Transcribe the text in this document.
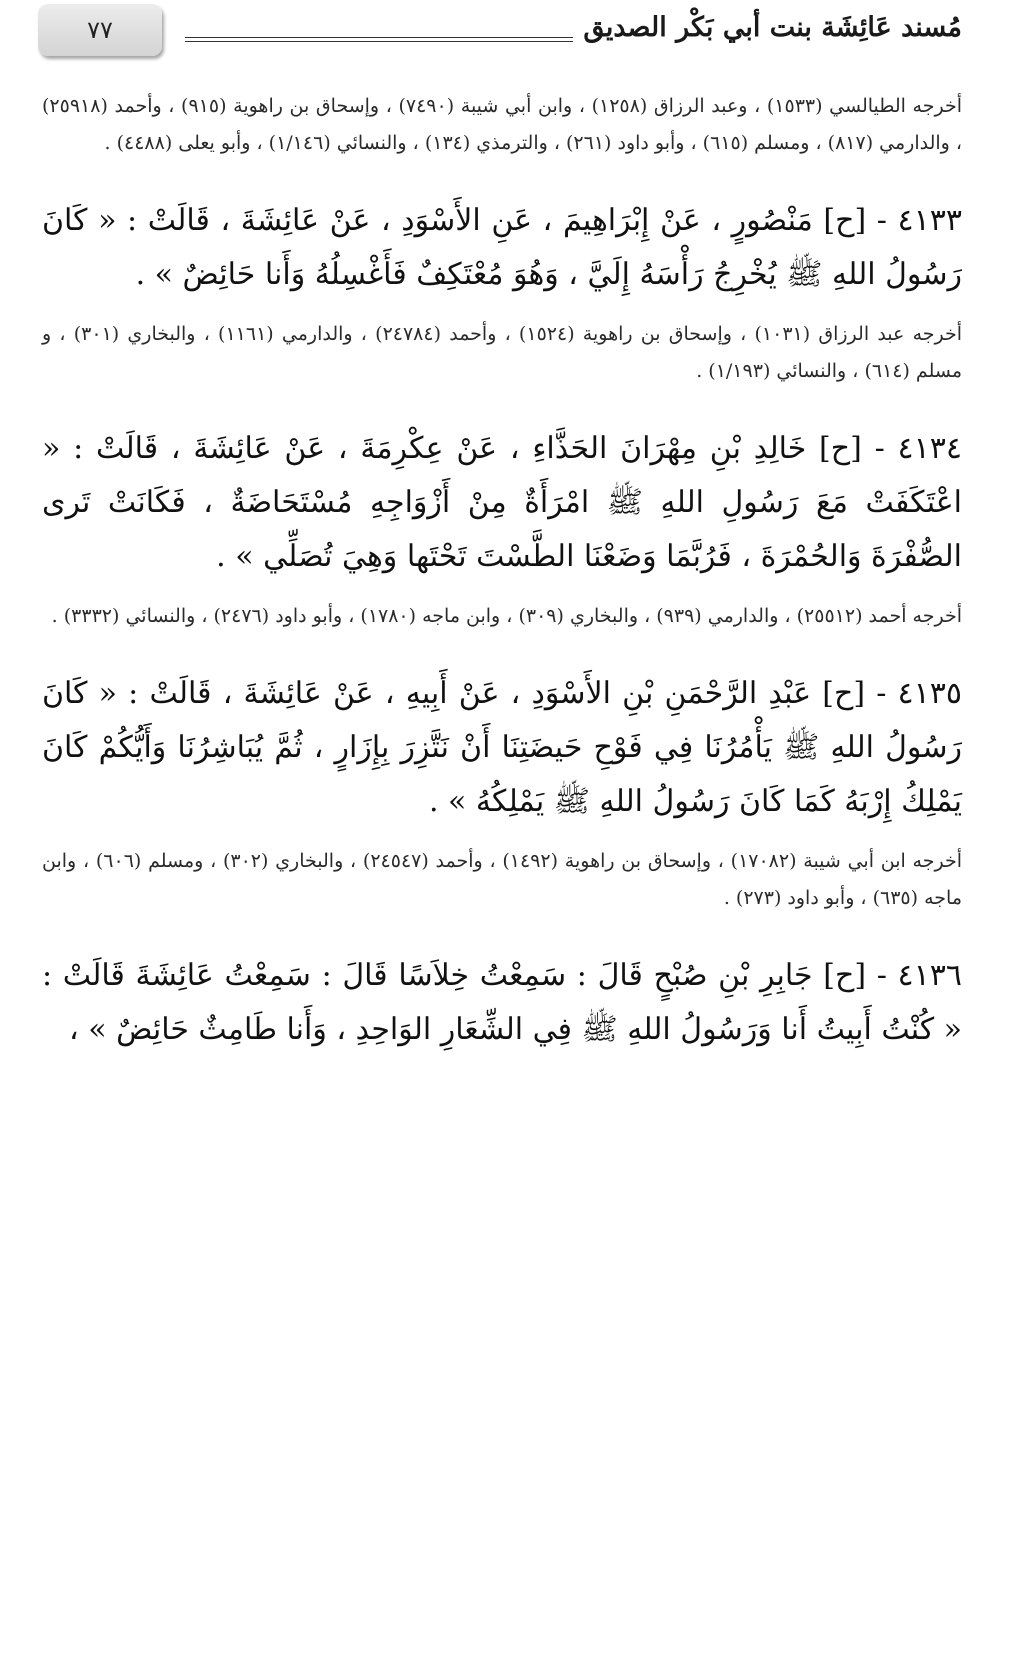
٧٧	مُسند عَائِشَة بنت أبي بَكْر الصديق

أخرجه الطيالسي (١٥٣٣) ، وعبد الرزاق (١٢٥٨) ، وابن أبي شيبة (٧٤٩٠) ، وإسحاق بن راهوية (٩١٥) ، وأحمد (٢٥٩١٨) ، والدارمي (٨١٧) ، ومسلم (٦١٥) ، وأبو داود (٢٦١) ، والترمذي (١٣٤) ، والنسائي (١/١٤٦) ، وأبو يعلى (٤٤٨٨) .

٤١٣٣ - [ح] مَنْصُورٍ ، عَنْ إِبْرَاهِيمَ ، عَنِ الأَسْوَدِ ، عَنْ عَائِشَةَ ، قَالَتْ : « كَانَ رَسُولُ اللهِ ﷺ يُخْرِجُ رَأْسَهُ إِلَيَّ ، وَهُوَ مُعْتَكِفٌ فَأَغْسِلُهُ وَأَنا حَائِضٌ » .

أخرجه عبد الرزاق (١٠٣١) ، وإسحاق بن راهوية (١٥٢٤) ، وأحمد (٢٤٧٨٤) ، والدارمي (١١٦١) ، والبخاري (٣٠١) ، و مسلم (٦١٤) ، والنسائي (١/١٩٣) .

٤١٣٤ - [ح] خَالِدِ بْنِ مِهْرَانَ الحَذَّاءِ ، عَنْ عِكْرِمَةَ ، عَنْ عَائِشَةَ ، قَالَتْ : « اعْتَكَفَتْ مَعَ رَسُولِ اللهِ ﷺ امْرَأَةٌ مِنْ أَزْوَاجِهِ مُسْتَحَاضَةٌ ، فَكَانَتْ تَرى الصُّفْرَةَ وَالحُمْرَةَ ، فَرُبَّمَا وَضَعْنَا الطَّسْتَ تَحْتَها وَهِيَ تُصَلِّي » .

أخرجه أحمد (٢٥٥١٢) ، والدارمي (٩٣٩) ، والبخاري (٣٠٩) ، وابن ماجه (١٧٨٠) ، وأبو داود (٢٤٧٦) ، والنسائي (٣٣٣٢) .

٤١٣٥ - [ح] عَبْدِ الرَّحْمَنِ بْنِ الأَسْوَدِ ، عَنْ أَبِيهِ ، عَنْ عَائِشَةَ ، قَالَتْ : « كَانَ رَسُولُ اللهِ ﷺ يَأْمُرُنَا فِي فَوْحِ حَيضَتِنَا أَنْ نَتَّزِرَ بِإِزَارٍ ، ثُمَّ يُبَاشِرُنَا وَأَيُّكُمْ كَانَ يَمْلِكُ إِرْبَهُ كَمَا كَانَ رَسُولُ اللهِ ﷺ يَمْلِكُهُ » .

أخرجه ابن أبي شيبة (١٧٠٨٢) ، وإسحاق بن راهوية (١٤٩٢) ، وأحمد (٢٤٥٤٧) ، والبخاري (٣٠٢) ، ومسلم (٦٠٦) ، وابن ماجه (٦٣٥) ، وأبو داود (٢٧٣) .

٤١٣٦ - [ح] جَابِرِ بْنِ صُبْحٍ قَالَ : سَمِعْتُ خِلاَسًا قَالَ : سَمِعْتُ عَائِشَةَ قَالَتْ : « كُنْتُ أَبِيتُ أَنا وَرَسُولُ اللهِ ﷺ فِي الشِّعَارِ الوَاحِدِ ، وَأَنا طَامِثٌ حَائِضٌ » ،
